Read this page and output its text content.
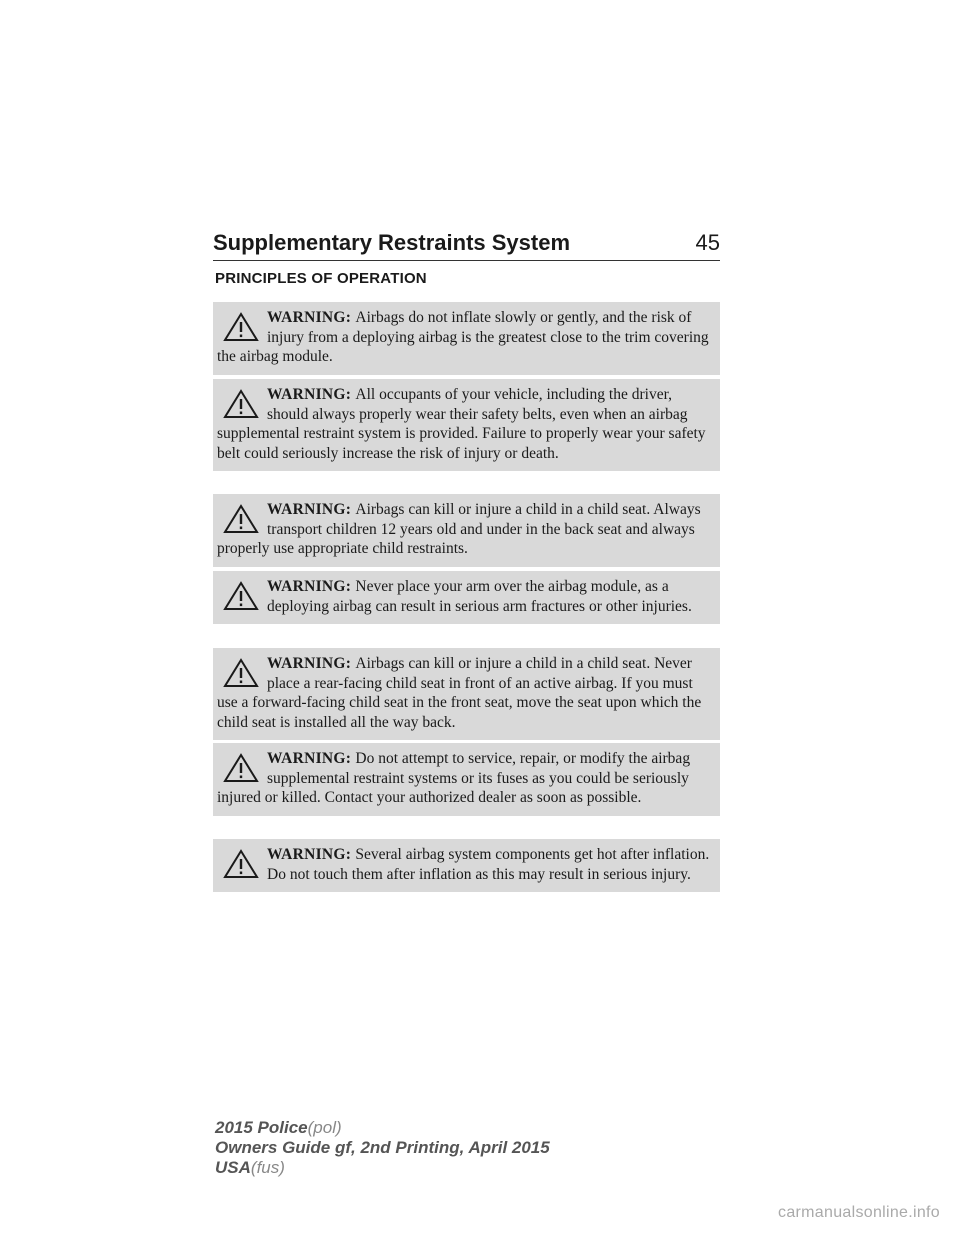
Supplementary Restraints System	45
PRINCIPLES OF OPERATION
WARNING: Airbags do not inflate slowly or gently, and the risk of injury from a deploying airbag is the greatest close to the trim covering the airbag module.
WARNING: All occupants of your vehicle, including the driver, should always properly wear their safety belts, even when an airbag supplemental restraint system is provided. Failure to properly wear your safety belt could seriously increase the risk of injury or death.
WARNING: Airbags can kill or injure a child in a child seat. Always transport children 12 years old and under in the back seat and always properly use appropriate child restraints.
WARNING: Never place your arm over the airbag module, as a deploying airbag can result in serious arm fractures or other injuries.
WARNING: Airbags can kill or injure a child in a child seat. Never place a rear-facing child seat in front of an active airbag. If you must use a forward-facing child seat in the front seat, move the seat upon which the child seat is installed all the way back.
WARNING: Do not attempt to service, repair, or modify the airbag supplemental restraint systems or its fuses as you could be seriously injured or killed. Contact your authorized dealer as soon as possible.
WARNING: Several airbag system components get hot after inflation. Do not touch them after inflation as this may result in serious injury.
2015 Police(pol)
Owners Guide gf, 2nd Printing, April 2015
USA(fus)
carmanualsonline.info
